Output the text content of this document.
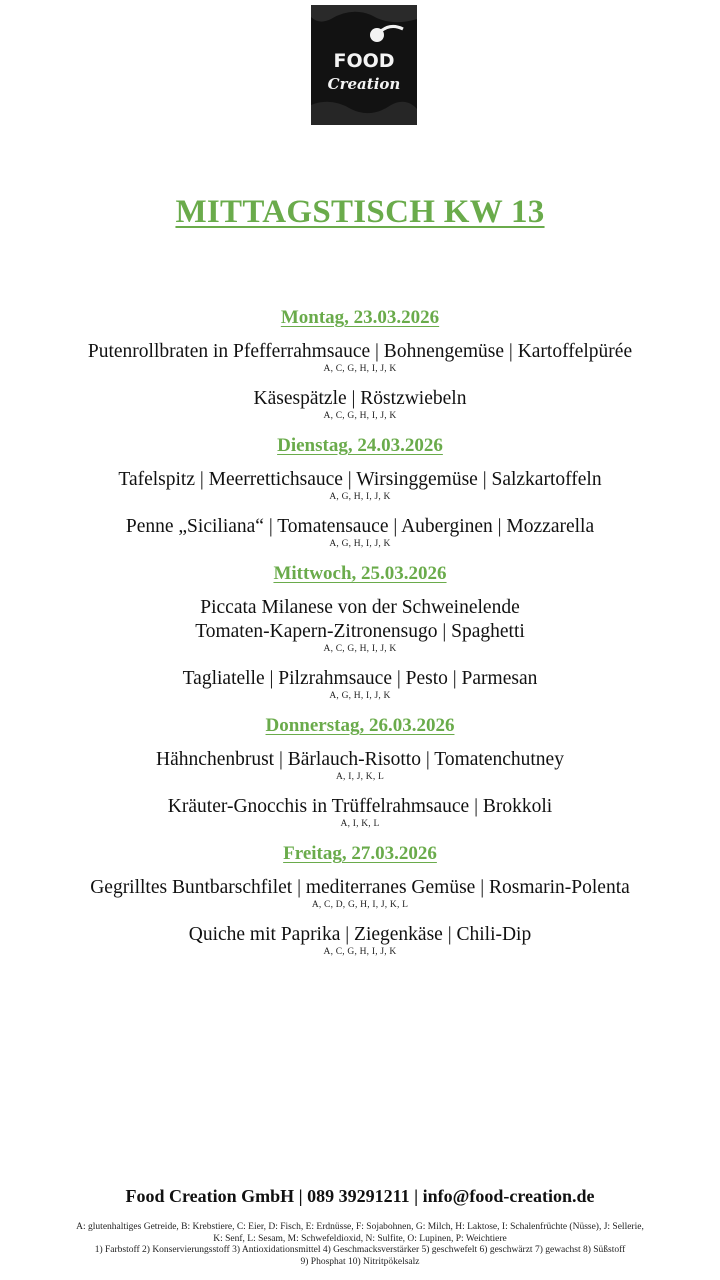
FOOD
Creation
MITTAGSTISCH KW 13
Montag, 23.03.2026
Putenrollbraten in Pfefferrahmsauce | Bohnengemüse | Kartoffelpürée
A, C, G, H, I, J, K
Käsespätzle | Röstzwiebeln
A, C, G, H, I, J, K
Dienstag, 24.03.2026
Tafelspitz | Meerrettichsauce | Wirsinggemüse | Salzkartoffeln
A, G, H, I, J, K
Penne „Siciliana“ | Tomatensauce | Auberginen | Mozzarella
A, G, H, I, J, K
Mittwoch, 25.03.2026
Piccata Milanese von der Schweinelende
Tomaten-Kapern-Zitronensugo | Spaghetti
A, C, G, H, I, J, K
Tagliatelle | Pilzrahmsauce | Pesto | Parmesan
A, G, H, I, J, K
Donnerstag, 26.03.2026
Hähnchenbrust | Bärlauch-Risotto | Tomatenchutney
A, I, J, K, L
Kräuter-Gnocchis in Trüffelrahmsauce | Brokkoli
A, I, K, L
Freitag, 27.03.2026
Gegrilltes Buntbarschfilet | mediterranes Gemüse | Rosmarin-Polenta
A, C, D, G, H, I, J, K, L
Quiche mit Paprika | Ziegenkäse | Chili-Dip
A, C, G, H, I, J, K
Food Creation GmbH | 089 39291211 | info@food-creation.de
A: glutenhaltiges Getreide, B: Krebstiere, C: Eier, D: Fisch, E: Erdnüsse, F: Sojabohnen, G: Milch, H: Laktose, I: Schalenfrüchte (Nüsse), J: Sellerie,
K: Senf, L: Sesam, M: Schwefeldioxid, N: Sulfite, O: Lupinen, P: Weichtiere
1) Farbstoff 2) Konservierungsstoff 3) Antioxidationsmittel 4) Geschmacksverstärker 5) geschwefelt 6) geschwärzt 7) gewachst 8) Süßstoff
9) Phosphat 10) Nitritpökelsalz
